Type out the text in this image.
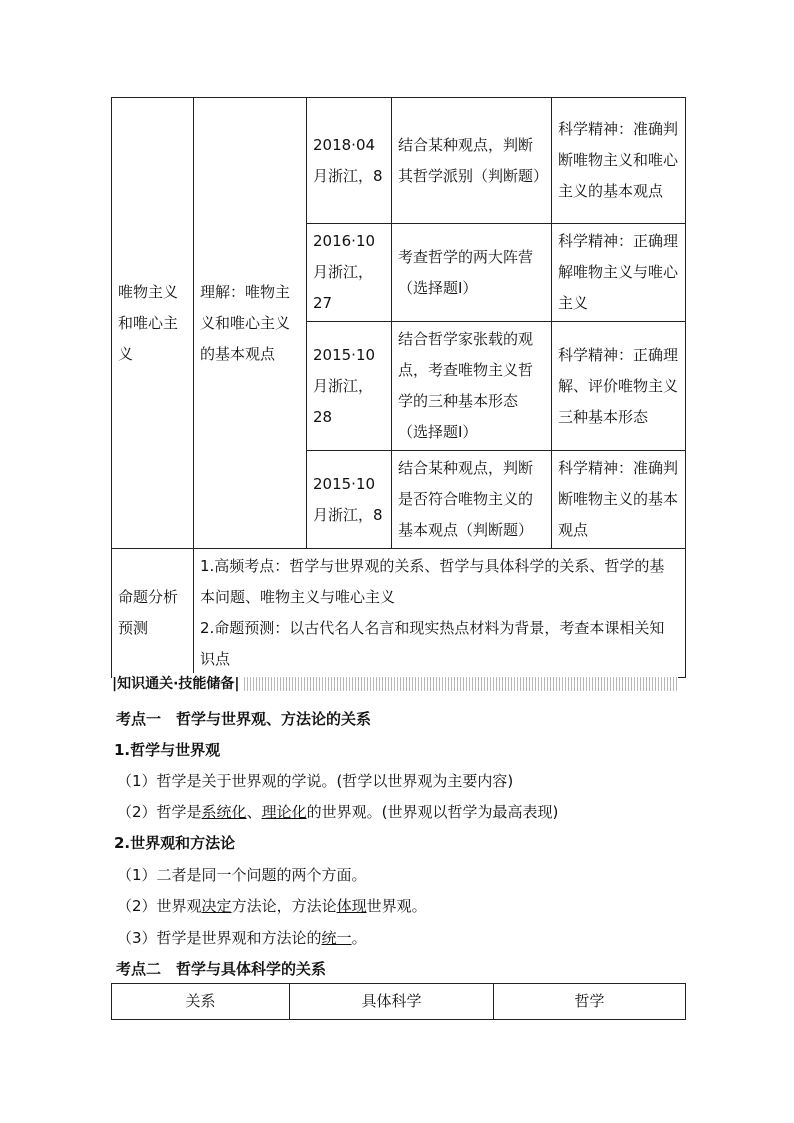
唯物主义和唯心主义	理解：唯物主义和唯心主义的基本观点	2018·04月浙江，8	结合某种观点，判断其哲学派别（判断题）	科学精神：准确判断唯物主义和唯心主义的基本观点
		2016·10月浙江，27	考查哲学的两大阵营（选择题Ⅰ）	科学精神：正确理解唯物主义与唯心主义
		2015·10月浙江，28	结合哲学家张载的观点，考查唯物主义哲学的三种基本形态（选择题Ⅰ）	科学精神：正确理解、评价唯物主义三种基本形态
		2015·10月浙江，8	结合某种观点，判断是否符合唯物主义的基本观点（判断题）	科学精神：准确判断唯物主义的基本观点
命题分析预测	1.高频考点：哲学与世界观的关系、哲学与具体科学的关系、哲学的基本问题、唯物主义与唯心主义
2.命题预测：以古代名人名言和现实热点材料为背景，考查本课相关知识点			
|知识通关·技能储备|
考点一　哲学与世界观、方法论的关系
1.哲学与世界观
（1）哲学是关于世界观的学说。(哲学以世界观为主要内容)
（2）哲学是系统化、理论化的世界观。(世界观以哲学为最高表现)
2.世界观和方法论
（1）二者是同一个问题的两个方面。
（2）世界观决定方法论，方法论体现世界观。
（3）哲学是世界观和方法论的统一。
考点二　哲学与具体科学的关系
关系	具体科学	哲学
